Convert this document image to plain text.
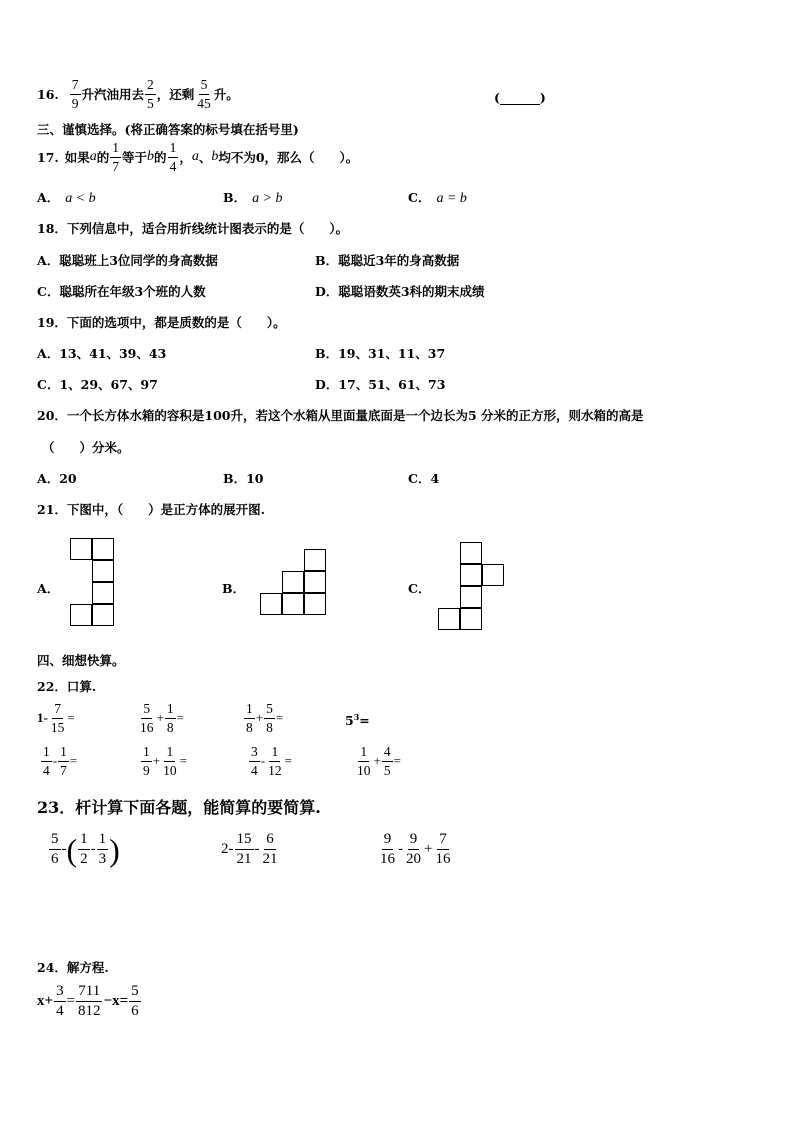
16. $\frac{7}{9}$ 升汽油用去 $\frac{2}{5}$ ，还剩 $\frac{5}{45}$ 升。	(	)
三、谨慎选择。(将正确答案的标号填在括号里)
17. 如果 a 的 $\frac{1}{7}$ 等于 b 的 $\frac{1}{4}$ ， a 、 b 均不为0，那么（　　）。
A． a < b	B． a > b	C． a = b
18．下列信息中，适合用折线统计图表示的是（　　）。
A．聪聪班上3位同学的身高数据	B．聪聪近3年的身高数据
C．聪聪所在年级3个班的人数	D．聪聪语数英3科的期末成绩
19．下面的选项中，都是质数的是（　　）。
A．13、41、39、43	B．19、31、11、37
C．1、29、67、97	D．17、51、61、73
20．一个长方体水箱的容积是100升，若这个水箱从里面量底面是一个边长为5 分米的正方形，则水箱的高是
（　　）分米。
A．20	B．10	C．4
21．下图中，（　　）是正方体的展开图.
A．	B．	C．
四、细想快算。
22．口算.
$1- \frac{7}{15}$ =	$\frac{5}{16} + \frac{1}{8}$ =	$\frac{1}{8} + \frac{5}{8}$ =	$5^3=$
$\frac{1}{4} - \frac{1}{7}$ =	$\frac{1}{9} + \frac{1}{10}$ =	$\frac{3}{4} - \frac{1}{12}$ =	$\frac{1}{10} + \frac{4}{5}$ =
23．杆计算下面各题，能简算的要简算.
$\frac{5}{6}$ - ( $\frac{1}{2} - \frac{1}{3}$ )	$2- \frac{15}{21} - \frac{6}{21}$	$\frac{9}{16} - \frac{9}{20} + \frac{7}{16}$
24．解方程.
$x+ \frac{3}{4} = \frac{711}{812} -x= \frac{5}{6}$
